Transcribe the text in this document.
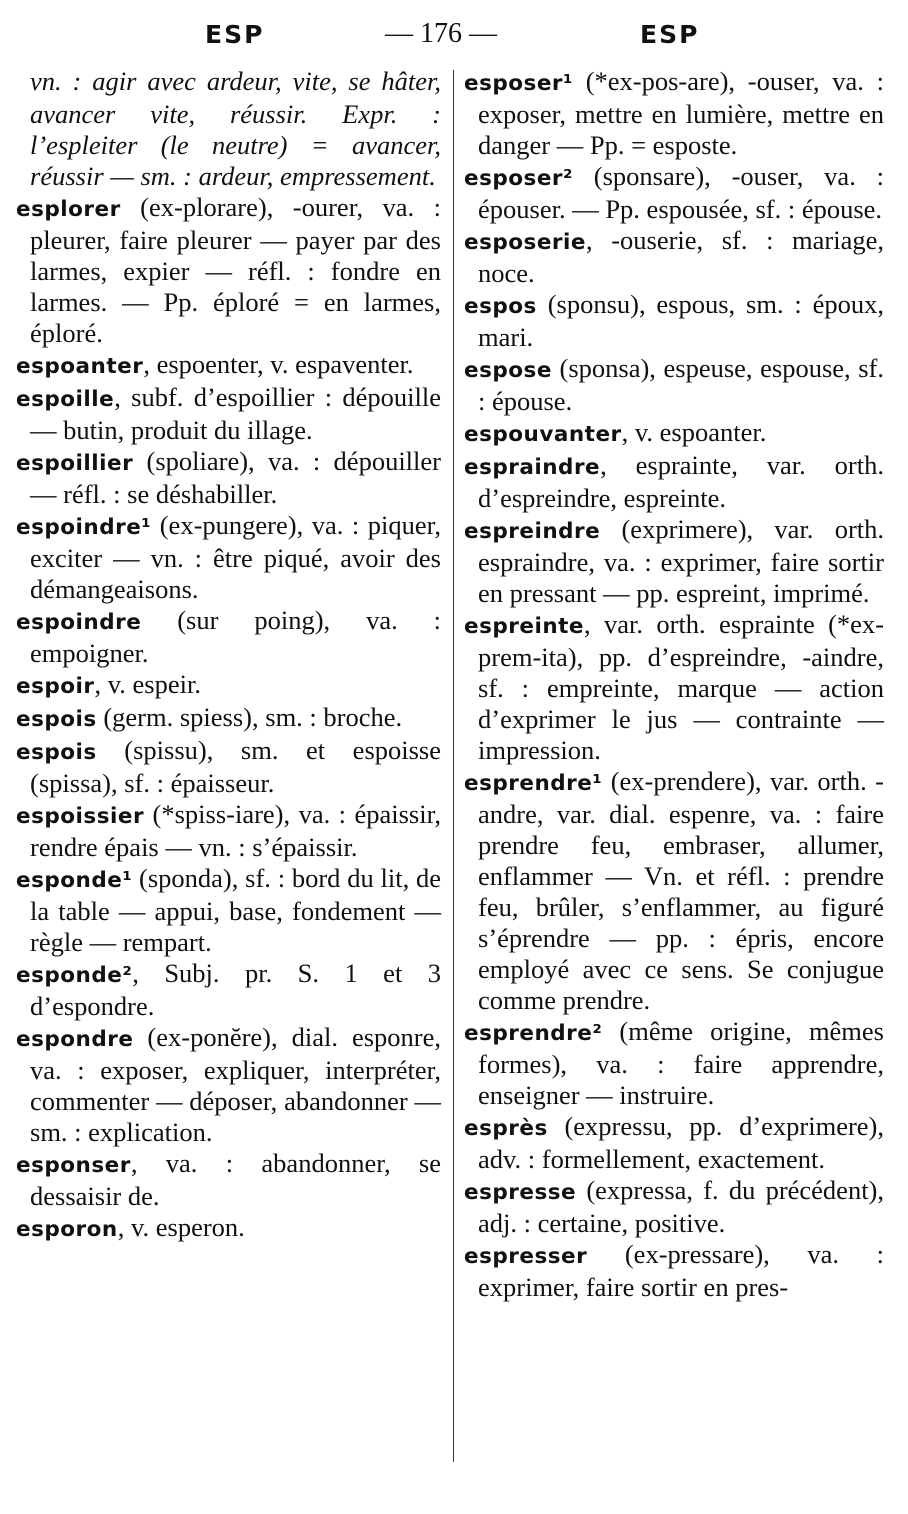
ESP	— 176 —	ESP

vn. : agir avec ardeur, vite, se hâter, avancer vite, réussir. Expr. : l’espleiter (le neutre) = avancer, réussir — sm. : ardeur, empressement.

esplorer (ex-plorare), -ourer, va. : pleurer, faire pleurer — payer par des larmes, expier — réfl. : fondre en larmes. — Pp. éploré = en larmes, éploré.

espoanter, espoenter, v. espaventer.

espoille, subf. d’espoillier : dépouille — butin, produit du illage.

espoillier (spoliare), va. : dépouiller — réfl. : se déshabiller.

espoindre¹ (ex-pungere), va. : piquer, exciter — vn. : être piqué, avoir des démangeaisons.

espoindre (sur poing), va. : empoigner.

espoir, v. espeir.

espois (germ. spiess), sm. : broche.

espois (spissu), sm. et espoisse (spissa), sf. : épaisseur.

espoissier (*spiss-iare), va. : épaissir, rendre épais — vn. : s’épaissir.

esponde¹ (sponda), sf. : bord du lit, de la table — appui, base, fondement — règle — rempart.

esponde², Subj. pr. S. 1 et 3 d’espondre.

espondre (ex-ponĕre), dial. esponre, va. : exposer, expliquer, interpréter, commenter — déposer, abandonner — sm. : explication.

esponser, va. : abandonner, se dessaisir de.

esporon, v. esperon.

esposer¹ (*ex-pos-are), -ouser, va. : exposer, mettre en lumière, mettre en danger — Pp. = esposte.

esposer² (sponsare), -ouser, va. : épouser. — Pp. espousée, sf. : épouse.

esposerie, -ouserie, sf. : mariage, noce.

espos (sponsu), espous, sm. : époux, mari.

espose (sponsa), espeuse, espouse, sf. : épouse.

espouvanter, v. espoanter.

espraindre, espraintе, var. orth. d’espreindre, espreinte.

espreindre (exprimere), var. orth. espraindre, va. : exprimer, faire sortir en pressant — pp. espreint, imprimé.

espreinte, var. orth. esprainte (*ex-prem-ita), pp. d’espreindre, -aindre, sf. : empreinte, marque — action d’exprimer le jus — contrainte — impression.

esprendre¹ (ex-prendere), var. orth. -andre, var. dial. espenre, va. : faire prendre feu, embraser, allumer, enflammer — Vn. et réfl. : prendre feu, brûler, s’enflammer, au figuré s’éprendre — pp. : épris, encore employé avec ce sens. Se conjugue comme prendre.

esprendre² (même origine, mêmes formes), va. : faire apprendre, enseigner — instruire.

esprès (expressu, pp. d’exprimere), adv. : formellement, exactement.

espresse (expressa, f. du précédent), adj. : certaine, positive.

espresser (ex-pressare), va. : exprimer, faire sortir en pres-
